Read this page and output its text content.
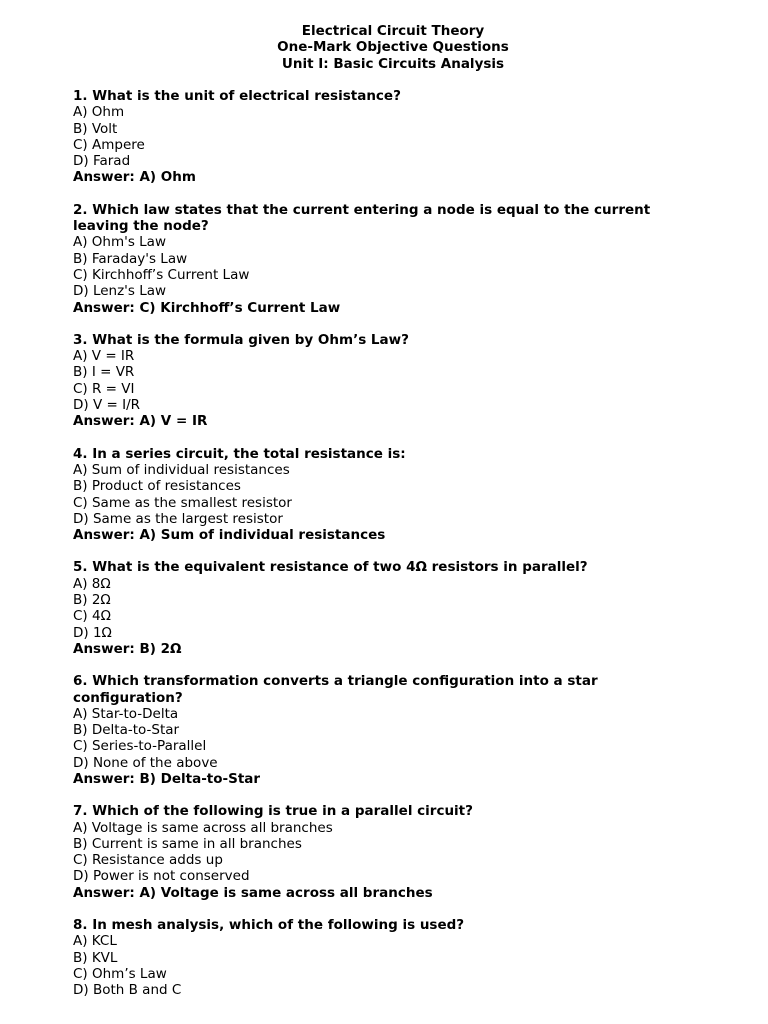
Electrical Circuit Theory
One-Mark Objective Questions
Unit I: Basic Circuits Analysis
1. What is the unit of electrical resistance?
A) Ohm
B) Volt
C) Ampere
D) Farad
Answer: A) Ohm
2. Which law states that the current entering a node is equal to the current
leaving the node?
A) Ohm's Law
B) Faraday's Law
C) Kirchhoff’s Current Law
D) Lenz's Law
Answer: C) Kirchhoff’s Current Law
3. What is the formula given by Ohm’s Law?
A) V = IR
B) I = VR
C) R = VI
D) V = I/R
Answer: A) V = IR
4. In a series circuit, the total resistance is:
A) Sum of individual resistances
B) Product of resistances
C) Same as the smallest resistor
D) Same as the largest resistor
Answer: A) Sum of individual resistances
5. What is the equivalent resistance of two 4Ω resistors in parallel?
A) 8Ω
B) 2Ω
C) 4Ω
D) 1Ω
Answer: B) 2Ω
6. Which transformation converts a triangle configuration into a star
configuration?
A) Star-to-Delta
B) Delta-to-Star
C) Series-to-Parallel
D) None of the above
Answer: B) Delta-to-Star
7. Which of the following is true in a parallel circuit?
A) Voltage is same across all branches
B) Current is same in all branches
C) Resistance adds up
D) Power is not conserved
Answer: A) Voltage is same across all branches
8. In mesh analysis, which of the following is used?
A) KCL
B) KVL
C) Ohm’s Law
D) Both B and C
